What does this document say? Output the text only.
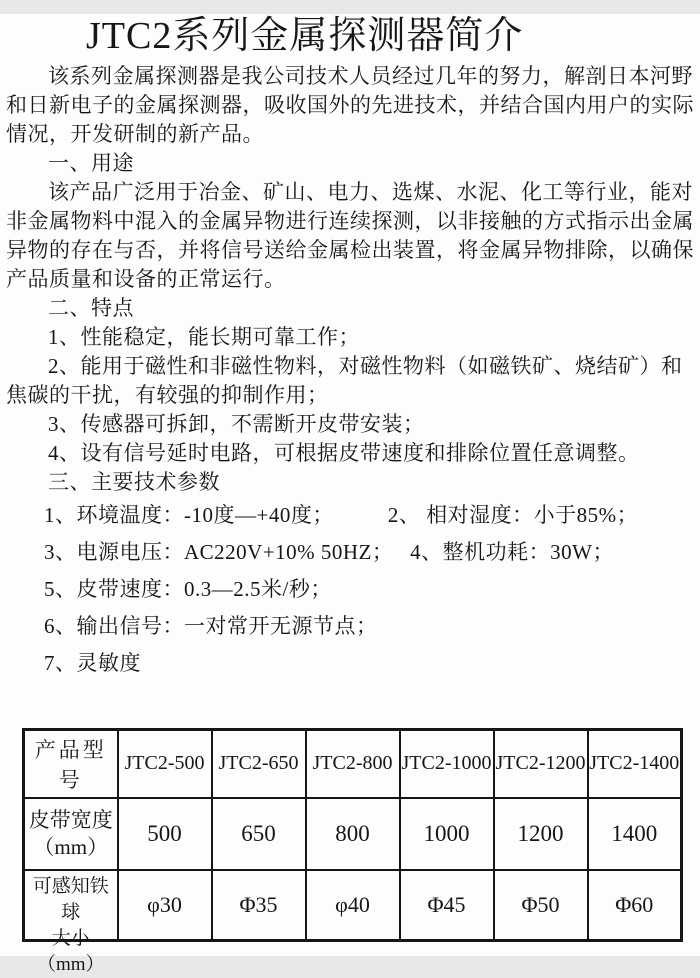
JTC2系列金属探测器简介
该系列金属探测器是我公司技术人员经过几年的努力，解剖日本河野
和日新电子的金属探测器，吸收国外的先进技术，并结合国内用户的实际
情况，开发研制的新产品。
一、用途
该产品广泛用于冶金、矿山、电力、选煤、水泥、化工等行业，能对
非金属物料中混入的金属异物进行连续探测，以非接触的方式指示出金属
异物的存在与否，并将信号送给金属检出装置，将金属异物排除，以确保
产品质量和设备的正常运行。
二、特点
1、性能稳定，能长期可靠工作；
2、能用于磁性和非磁性物料，对磁性物料（如磁铁矿、烧结矿）和
焦碳的干扰，有较强的抑制作用；
3、传感器可拆卸，不需断开皮带安装；
4、设有信号延时电路，可根据皮带速度和排除位置任意调整。
三、主要技术参数
1、环境温度：-10度—+40度；　　　2、 相对湿度：小于85%；
3、电源电压：AC220V+10% 50HZ；　 4、整机功耗：30W；
5、皮带速度：0.3—2.5米/秒；
6、输出信号：一对常开无源节点；
7、灵敏度
产品型号	JTC2-500	JTC2-650	JTC2-800	JTC2-1000	JTC2-1200	JTC2-1400

皮带宽度
（mm）	500	650	800	1000	1200	1400

可感知铁球
大小
（mm）	φ30	Φ35	φ40	Φ45	Φ50	Φ60
